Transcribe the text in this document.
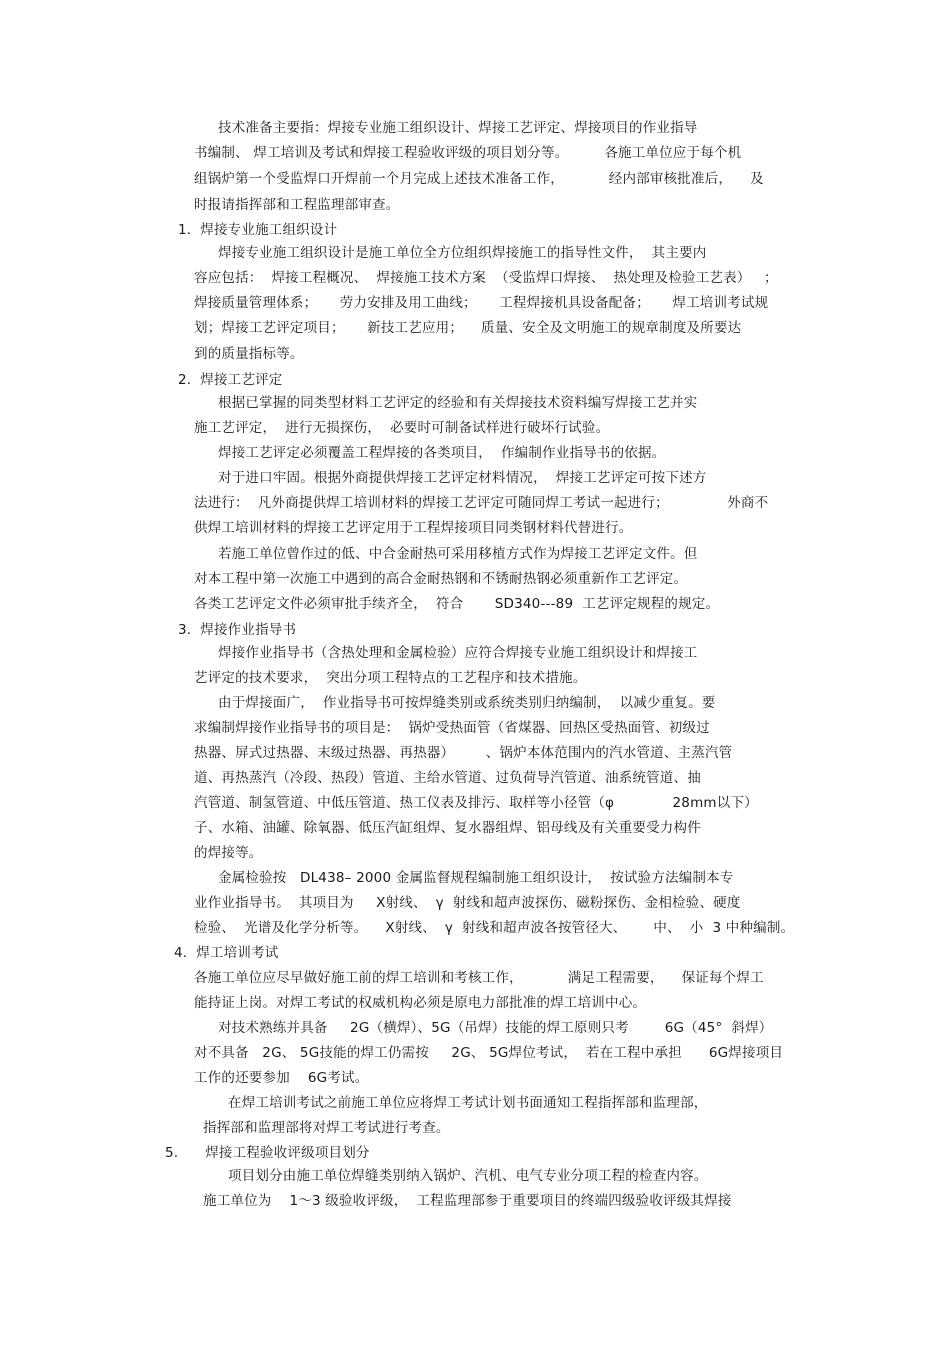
技术准备主要指：焊接专业施工组织设计、焊接工艺评定、焊接项目的作业指导
书编制、 焊工培训及考试和焊接工程验收评级的项目划分等。        各施工单位应于每个机
组锅炉第一个受监焊口开焊前一个月完成上述技术准备工作，          经内部审核批准后，    及
时报请指挥部和工程监理部审查。
1.  焊接专业施工组织设计
焊接专业施工组织设计是施工单位全方位组织焊接施工的指导性文件，  其主要内
容应包括：  焊接工程概况、  焊接施工技术方案  （受监焊口焊接、  热处理及检验工艺表）   ；
焊接质量管理体系；     劳力安排及用工曲线；     工程焊接机具设备配备；     焊工培训考试规
划；焊接工艺评定项目；     新技工艺应用；    质量、安全及文明施工的规章制度及所要达
到的质量指标等。
2.  焊接工艺评定
根据已掌握的同类型材料工艺评定的经验和有关焊接技术资料编写焊接工艺并实
施工艺评定，  进行无损探伤，  必要时可制备试样进行破坏行试验。
焊接工艺评定必须覆盖工程焊接的各类项目，  作编制作业指导书的依据。
对于进口牢固。根据外商提供焊接工艺评定材料情况，  焊接工艺评定可按下述方
法进行：  凡外商提供焊工培训材料的焊接工艺评定可随同焊工考试一起进行；             外商不
供焊工培训材料的焊接工艺评定用于工程焊接项目同类钢材料代替进行。
若施工单位曾作过的低、中合金耐热可采用移植方式作为焊接工艺评定文件。但
对本工程中第一次施工中遇到的高合金耐热钢和不锈耐热钢必须重新作工艺评定。
各类工艺评定文件必须审批手续齐全，  符合       SD340---89  工艺评定规程的规定。
3.  焊接作业指导书
焊接作业指导书（含热处理和金属检验）应符合焊接专业施工组织设计和焊接工
艺评定的技术要求，  突出分项工程特点的工艺程序和技术措施。
由于焊接面广，  作业指导书可按焊缝类别或系统类别归纳编制，  以减少重复。要
求编制焊接作业指导书的项目是：  锅炉受热面管（省煤器、回热区受热面管、初级过
热器、屏式过热器、末级过热器、再热器）       、锅炉本体范围内的汽水管道、主蒸汽管
道、再热蒸汽（冷段、热段）管道、主给水管道、过负荷导汽管道、油系统管道、抽
汽管道、制氢管道、中低压管道、热工仪表及排污、取样等小径管（φ             28mm以下）
子、水箱、油罐、除氧器、低压汽缸组焊、复水器组焊、铝母线及有关重要受力构件
的焊接等。
金属检验按   DL438– 2000 金属监督规程编制施工组织设计，  按试验方法编制本专
业作业指导书。  其项目为     X射线、  γ  射线和超声波探伤、磁粉探伤、金相检验、硬度
检验、  光谱及化学分析等。    X射线、  γ  射线和超声波各按管径大、      中、  小  3 中种编制。
4.  焊工培训考试
各施工单位应尽早做好施工前的焊工培训和考核工作，          满足工程需要，    保证每个焊工
能持证上岗。对焊工考试的权威机构必须是原电力部批准的焊工培训中心。
对技术熟练并具备     2G（横焊）、5G（吊焊）技能的焊工原则只考        6G（45°  斜焊）
对不具备   2G、 5G技能的焊工仍需按     2G、 5G焊位考试，  若在工程中承担      6G焊接项目
工作的还要参加    6G考试。
在焊工培训考试之前施工单位应将焊工考试计划书面通知工程指挥部和监理部，
指挥部和监理部将对焊工考试进行考查。
5.      焊接工程验收评级项目划分
项目划分由施工单位焊缝类别纳入锅炉、汽机、电气专业分项工程的检查内容。
施工单位为    1～3 级验收评级，  工程监理部参于重要项目的终端四级验收评级其焊接
